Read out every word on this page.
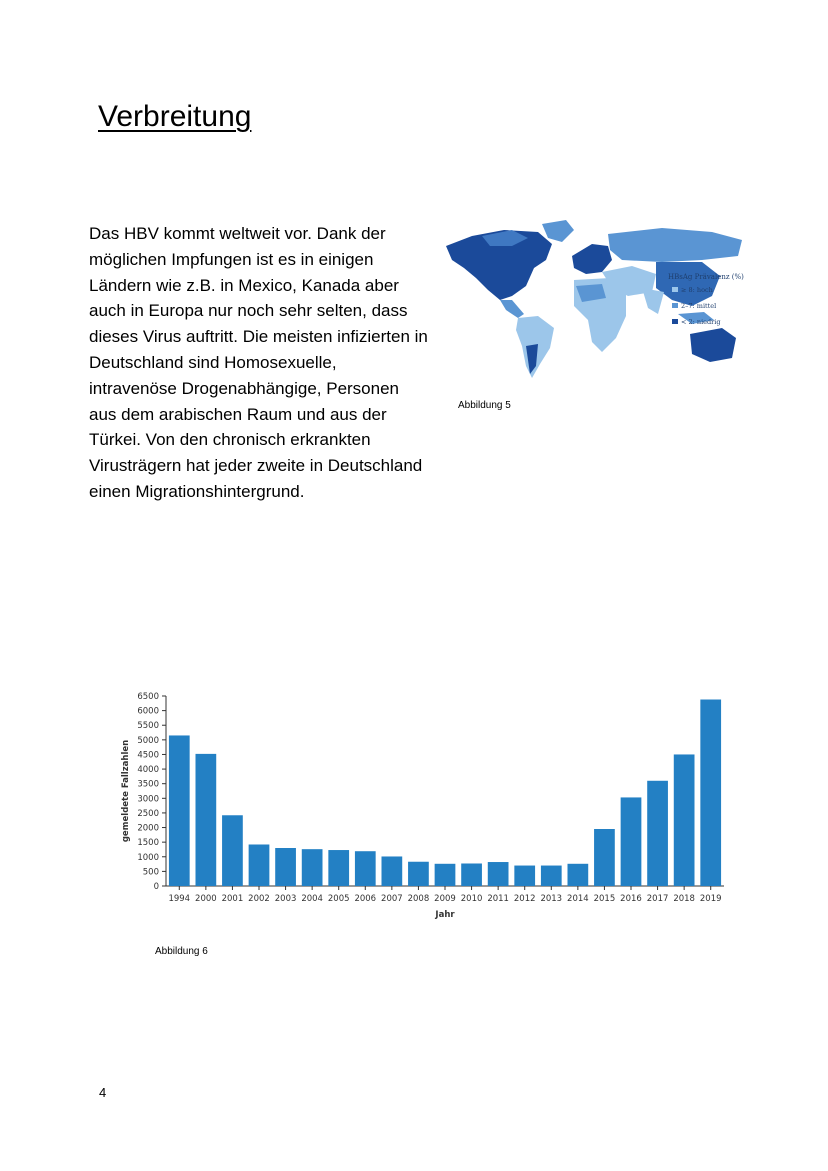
Verbreitung

Das HBV kommt weltweit vor. Dank der möglichen Impfungen ist es in einigen Ländern wie z.B. in Mexico, Kanada aber auch in Europa nur noch sehr selten, dass dieses Virus auftritt. Die meisten infizierten in Deutschland sind Homosexuelle, intravenöse Drogenabhängige, Personen aus dem arabischen Raum und aus der Türkei. Von den chronisch erkrankten Virusträgern hat jeder zweite in Deutschland einen Migrationshintergrund.

HBsAg Prävalenz (%)
≥ 8: hoch
2–7: mittel
< 2: niedrig

Abbildung 5

0
500
1000
1500
2000
2500
3000
3500
4000
4500
5000
5500
6000
6500
1994 2000 2001 2002 2003 2004 2005 2006 2007 2008 2009 2010 2011 2012 2013 2014 2015 2016 2017 2018 2019
Jahr
gemeldete Fallzahlen

Abbildung 6

4
